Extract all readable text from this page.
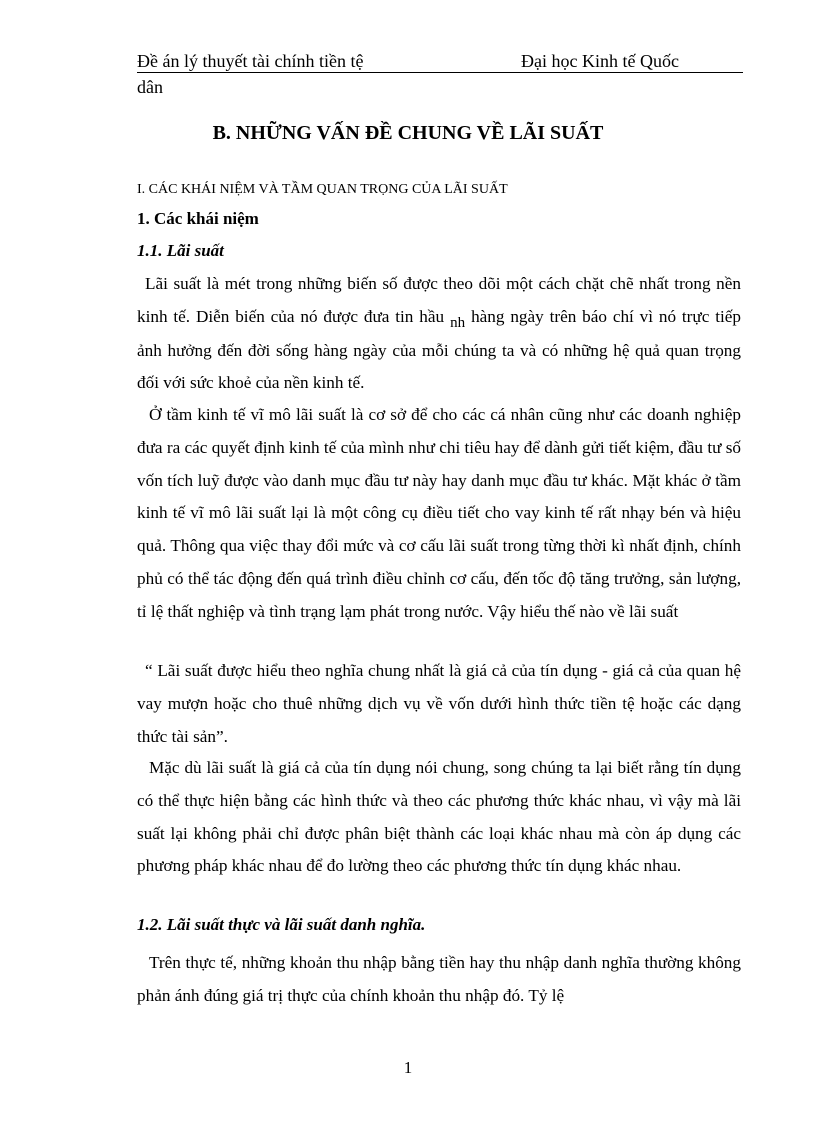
Đề án lý thuyết tài chính tiền tệ	Đại học Kinh tế Quốc
dân
B. NHỮNG VẤN ĐỀ CHUNG VỀ LÃI SUẤT
I. CÁC KHÁI NIỆM VÀ TẦM QUAN TRỌNG CỦA LÃI SUẤT
1. Các khái niệm
1.1. Lãi suất
Lãi suất là mét trong những biến số được theo dõi một cách chặt chẽ nhất trong nền kinh tế. Diễn biến của nó được đưa tin hầu nh hàng ngày trên báo chí vì nó trực tiếp ảnh hưởng đến đời sống hàng ngày của mỗi chúng ta và có những hệ quả quan trọng đối với sức khoẻ của nền kinh tế.
Ở tầm kinh tế vĩ mô lãi suất là cơ sở để cho các cá nhân cũng như các doanh nghiệp đưa ra các quyết định kinh tế của mình như chi tiêu hay để dành gửi tiết kiệm, đầu tư số vốn tích luỹ được vào danh mục đầu tư này hay danh mục đầu tư khác. Mặt khác ở tầm kinh tế vĩ mô lãi suất lại là một công cụ điều tiết cho vay kinh tế rất nhạy bén và hiệu quả. Thông qua việc thay đổi mức và cơ cấu lãi suất trong từng thời kì nhất định, chính phủ có thể tác động đến quá trình điều chỉnh cơ cấu, đến tốc độ tăng trưởng, sản lượng, tỉ lệ thất nghiệp và tình trạng lạm phát trong nước. Vậy hiểu thế nào về lãi suất
“ Lãi suất được hiểu theo nghĩa chung nhất là giá cả của tín dụng - giá cả của quan hệ vay mượn hoặc cho thuê những dịch vụ về vốn dưới hình thức tiền tệ hoặc các dạng thức tài sản”.
Mặc dù lãi suất là giá cả của tín dụng nói chung, song chúng ta lại biết rằng tín dụng có thể thực hiện bằng các hình thức và theo các phương thức khác nhau, vì vậy mà lãi suất lại không phải chỉ được phân biệt thành các loại khác nhau mà còn áp dụng các phương pháp khác nhau để đo lường theo các phương thức tín dụng khác nhau.
1.2. Lãi suất thực và lãi suất danh nghĩa.
Trên thực tế, những khoản thu nhập bằng tiền hay thu nhập danh nghĩa thường không phản ánh đúng giá trị thực của chính khoản thu nhập đó. Tỷ lệ
1
